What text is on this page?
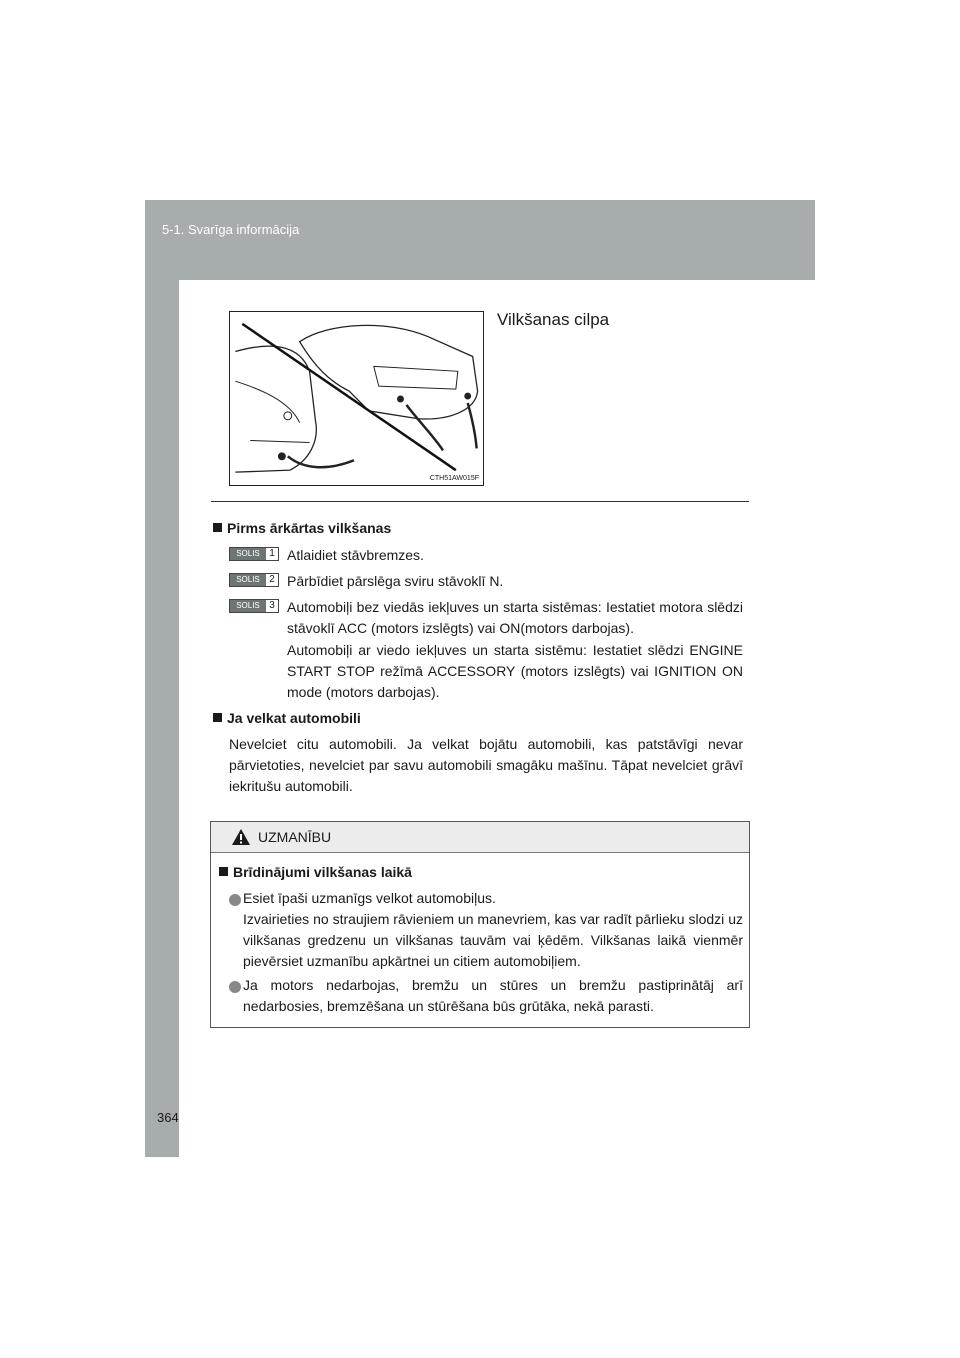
5-1. Svarīga informācija
CTH51AW015F
Vilkšanas cilpa
Pirms ārkārtas vilkšanas
SOLIS 1 Atlaidiet stāvbremzes.
SOLIS 2 Pārbīdiet pārslēga sviru stāvoklī N.
SOLIS 3 Automobiļi bez viedās iekļuves un starta sistēmas: Iestatiet motora slēdzi stāvoklī ACC (motors izslēgts) vai ON(motors darbojas).
Automobiļi ar viedo iekļuves un starta sistēmu: Iestatiet slēdzi ENGINE START STOP režīmā ACCESSORY (motors izslēgts) vai IGNITION ON mode (motors darbojas).
Ja velkat automobili
Nevelciet citu automobili. Ja velkat bojātu automobili, kas patstāvīgi nevar pārvietoties, nevelciet par savu automobili smagāku mašīnu. Tāpat nevelciet grāvī iekritušu automobili.
UZMANĪBU
Brīdinājumi vilkšanas laikā
Esiet īpaši uzmanīgs velkot automobiļus.
Izvairieties no straujiem rāvieniem un manevriem, kas var radīt pārlieku slodzi uz vilkšanas gredzenu un vilkšanas tauvām vai ķēdēm. Vilkšanas laikā vienmēr pievērsiet uzmanību apkārtnei un citiem automobiļiem.
Ja motors nedarbojas, bremžu un stūres un bremžu pastiprinātāj arī nedarbosies, bremzēšana un stūrēšana būs grūtāka, nekā parasti.
364
